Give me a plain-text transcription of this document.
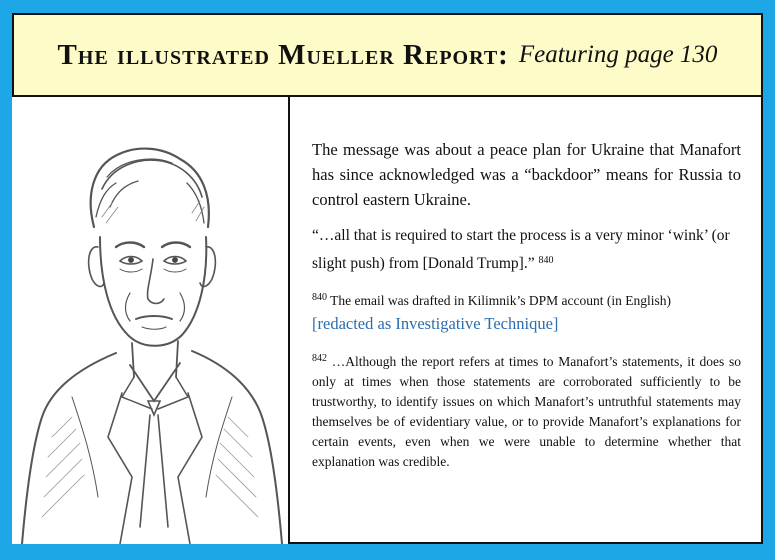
The illustrated Mueller Report: Featuring page 130

The message was about a peace plan for Ukraine that Manafort has since acknowledged was a “backdoor” means for Russia to control eastern Ukraine.

“…all that is required to start the process is a very minor ‘wink’ (or slight push) from [Donald Trump].” $^{840}$

$^{840}$ The email was drafted in Kilimnik’s DPM account (in English)
[redacted as Investigative Technique]

$^{842}$ …Although the report refers at times to Manafort’s statements, it does so only at times when those statements are corroborated sufficiently to be trustworthy, to identify issues on which Manafort’s untruthful statements may themselves be of evidentiary value, or to provide Manafort’s explanations for certain events, even when we were unable to determine whether that explanation was credible.
